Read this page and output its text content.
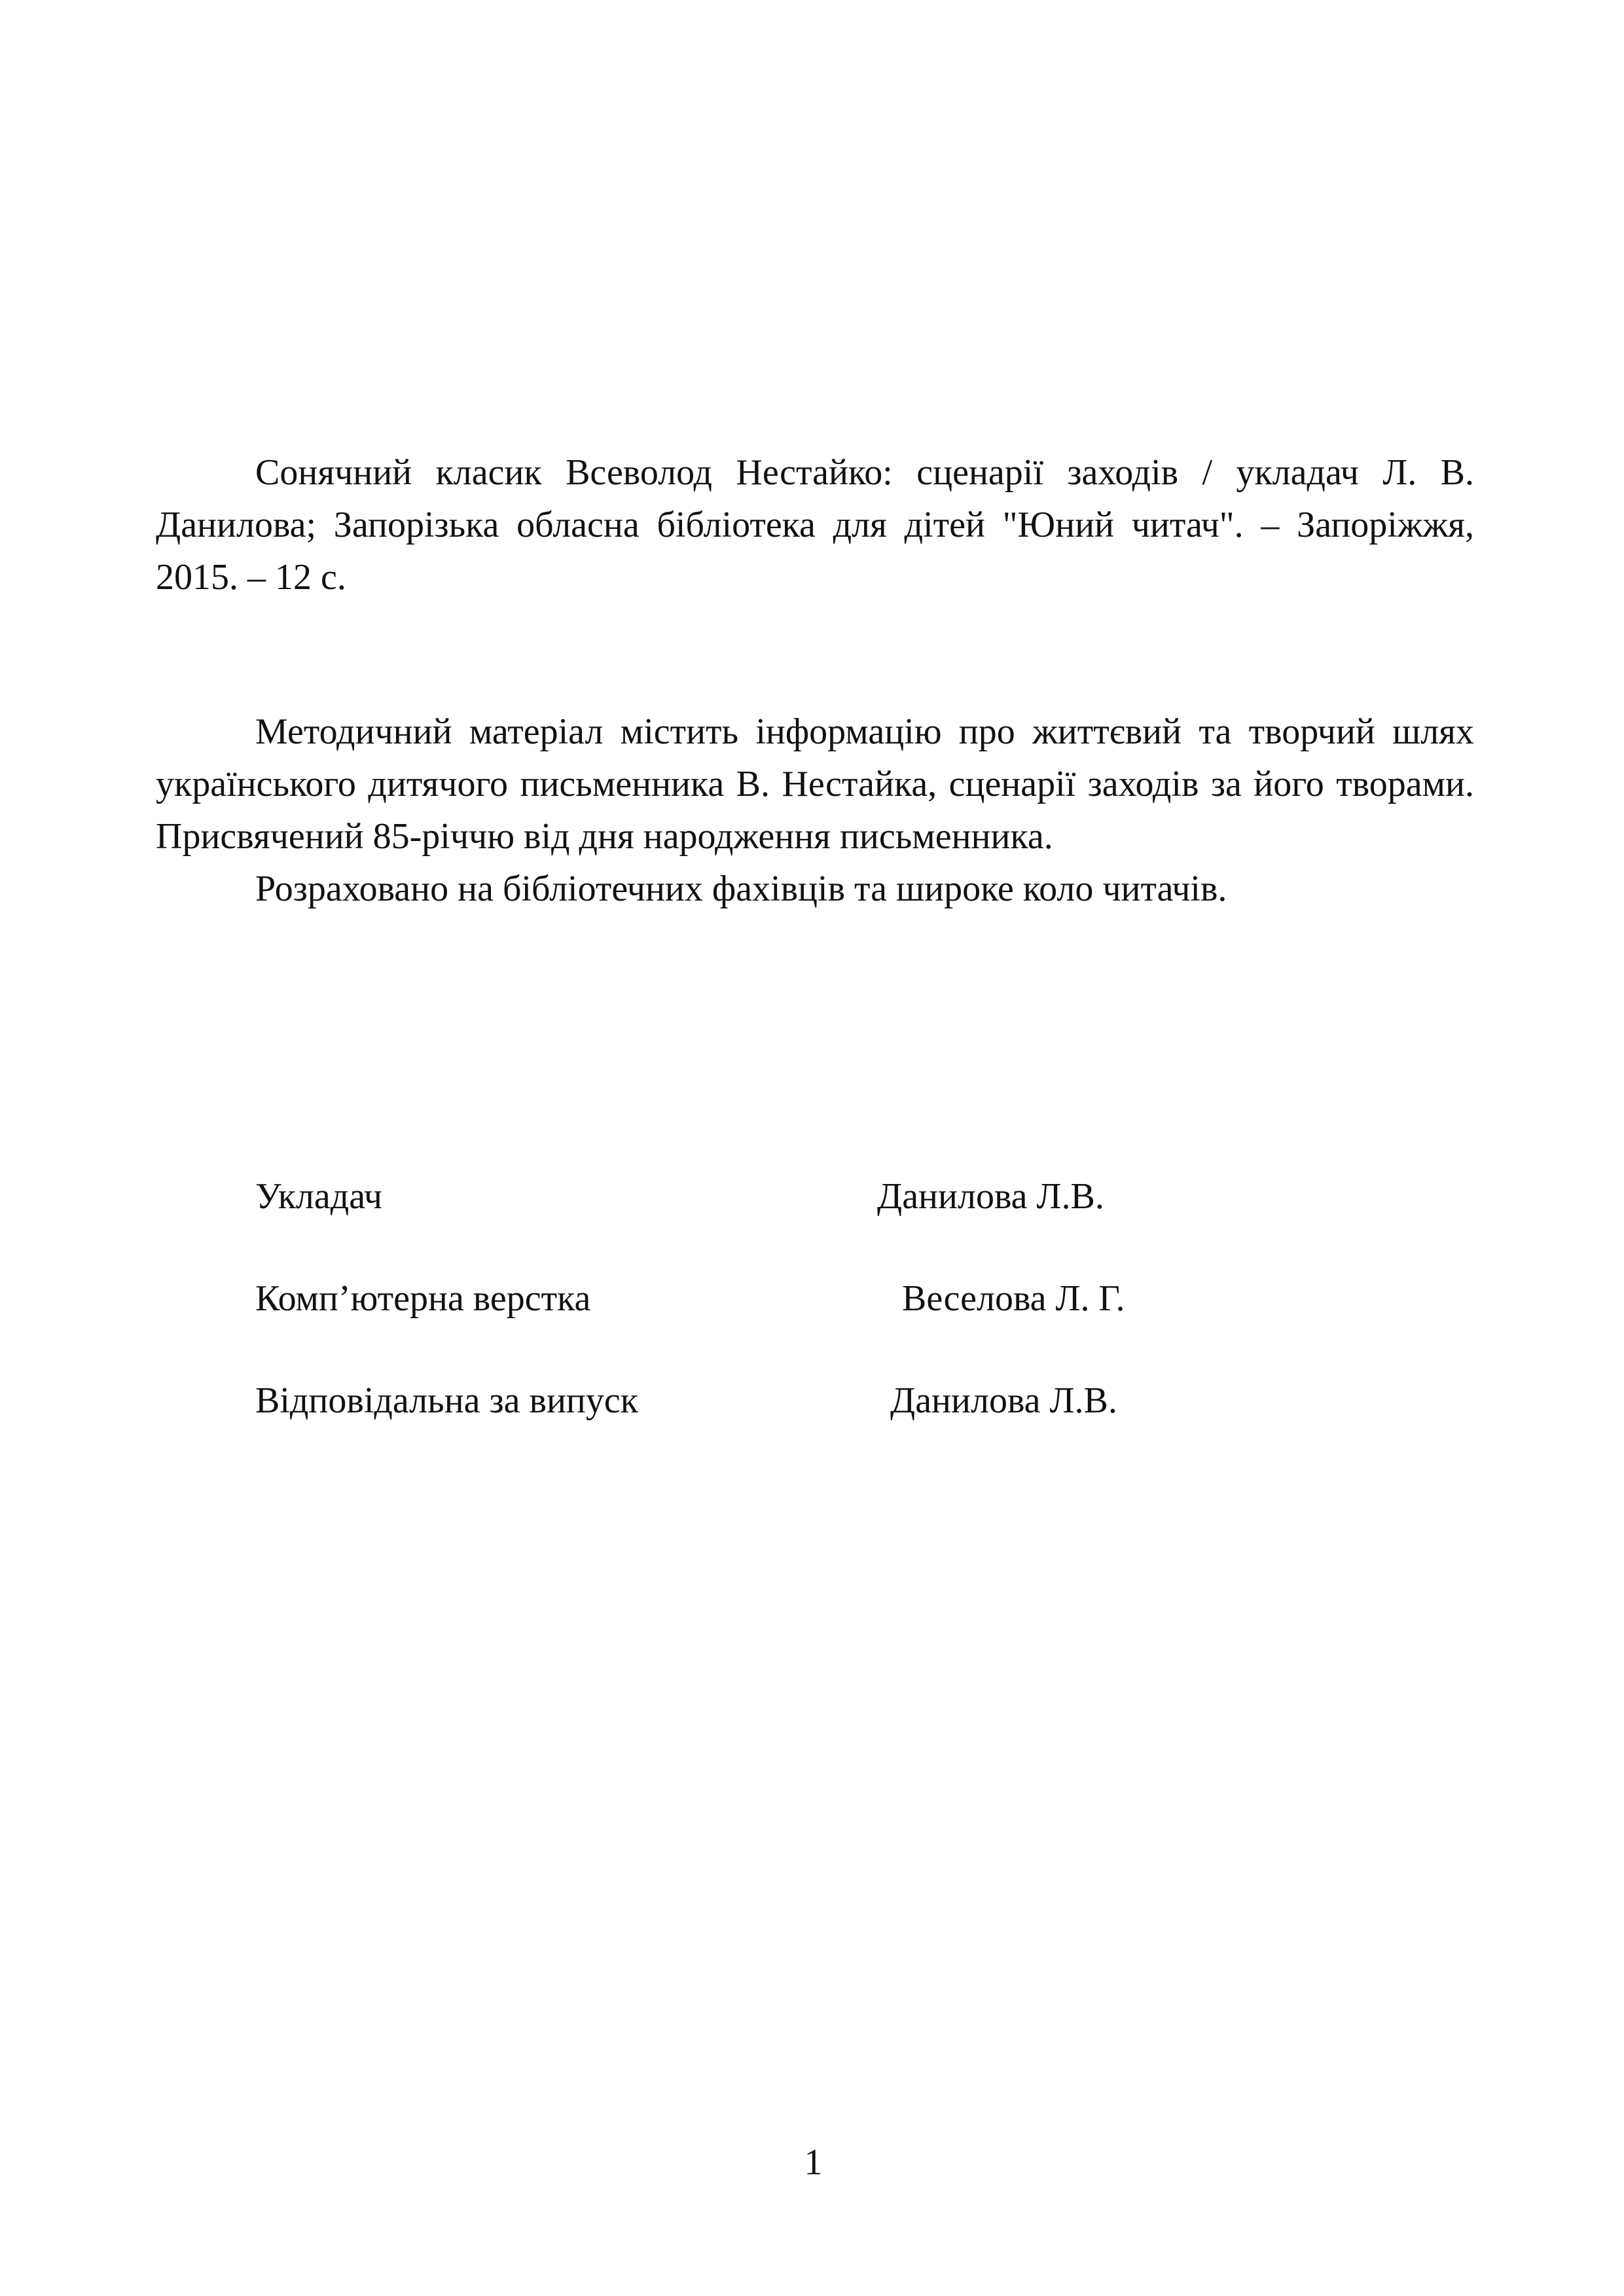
Сонячний класик Всеволод Нестайко: сценарії заходів / укладач Л. В. Данилова; Запорізька обласна бібліотека для дітей "Юний читач". – Запоріжжя, 2015. – 12 с.

Методичний матеріал містить інформацію про життєвий та творчий шлях українського дитячого письменника В. Нестайка, сценарії заходів за його творами. Присвячений 85-річчю від дня народження письменника.

Розраховано на бібліотечних фахівців та широке коло читачів.

Укладач	Данилова Л.В.
Комп’ютерна верстка	Веселова Л. Г.
Відповідальна за випуск	Данилова Л.В.
1
